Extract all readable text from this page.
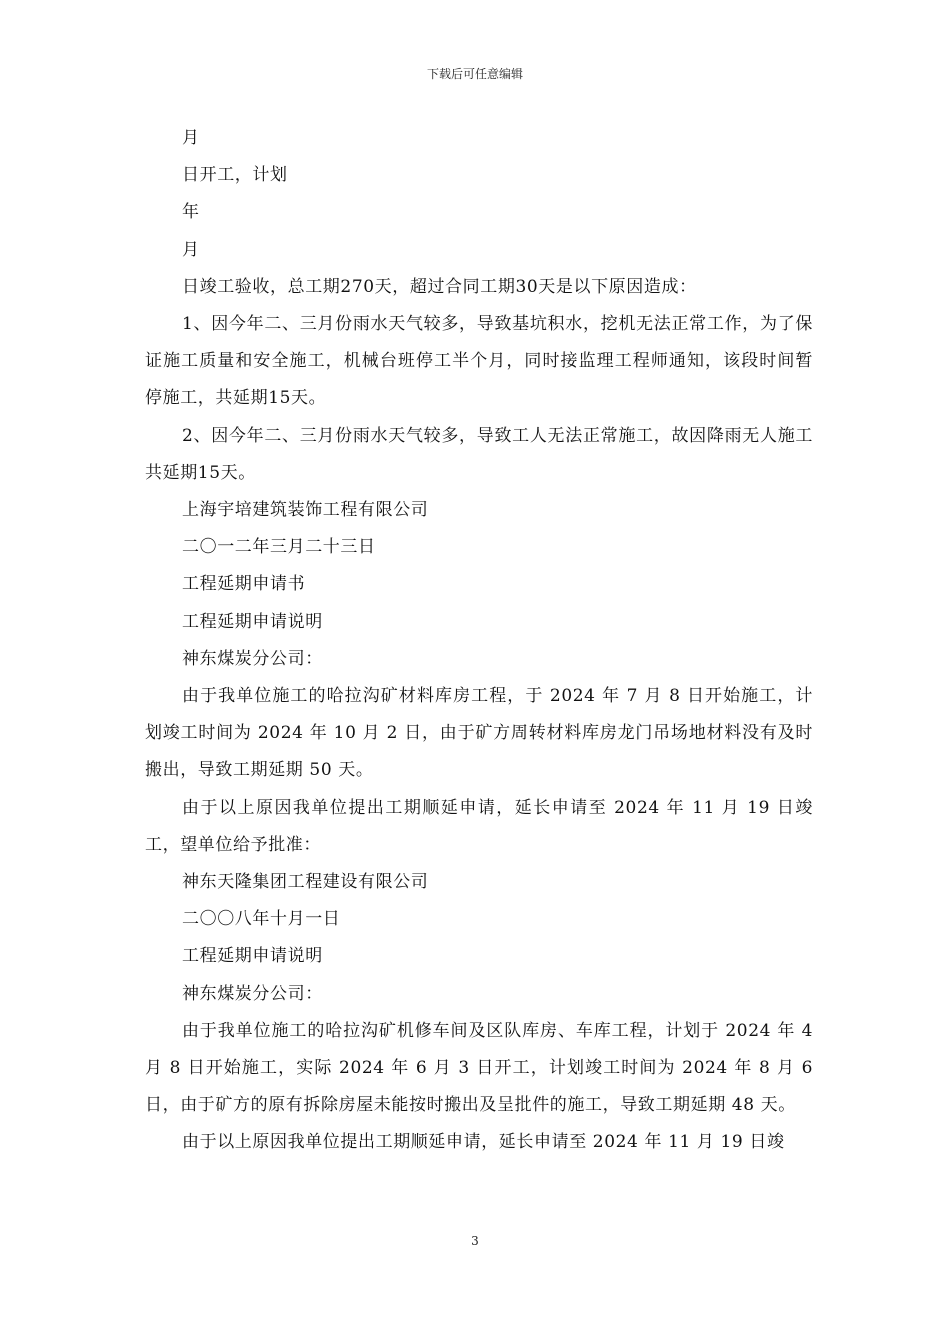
下载后可任意编辑

月

日开工，计划

年

月

日竣工验收，总工期270天，超过合同工期30天是以下原因造成：

1、因今年二、三月份雨水天气较多，导致基坑积水，挖机无法正常工作，为了保证施工质量和安全施工，机械台班停工半个月，同时接监理工程师通知，该段时间暂停施工，共延期15天。

2、因今年二、三月份雨水天气较多，导致工人无法正常施工，故因降雨无人施工共延期15天。

上海宇培建筑装饰工程有限公司

二〇一二年三月二十三日

工程延期申请书

工程延期申请说明

神东煤炭分公司：

由于我单位施工的哈拉沟矿材料库房工程，于 2024 年 7 月 8 日开始施工，计划竣工时间为 2024 年 10 月 2 日，由于矿方周转材料库房龙门吊场地材料没有及时搬出，导致工期延期 50 天。

由于以上原因我单位提出工期顺延申请，延长申请至 2024 年 11 月 19 日竣工，望单位给予批准：

神东天隆集团工程建设有限公司

二〇〇八年十月一日

工程延期申请说明

神东煤炭分公司：

由于我单位施工的哈拉沟矿机修车间及区队库房、车库工程，计划于 2024 年 4 月 8 日开始施工，实际 2024 年 6 月 3 日开工，计划竣工时间为 2024 年 8 月 6 日，由于矿方的原有拆除房屋未能按时搬出及呈批件的施工，导致工期延期 48 天。

由于以上原因我单位提出工期顺延申请，延长申请至 2024 年 11 月 19 日竣

3
